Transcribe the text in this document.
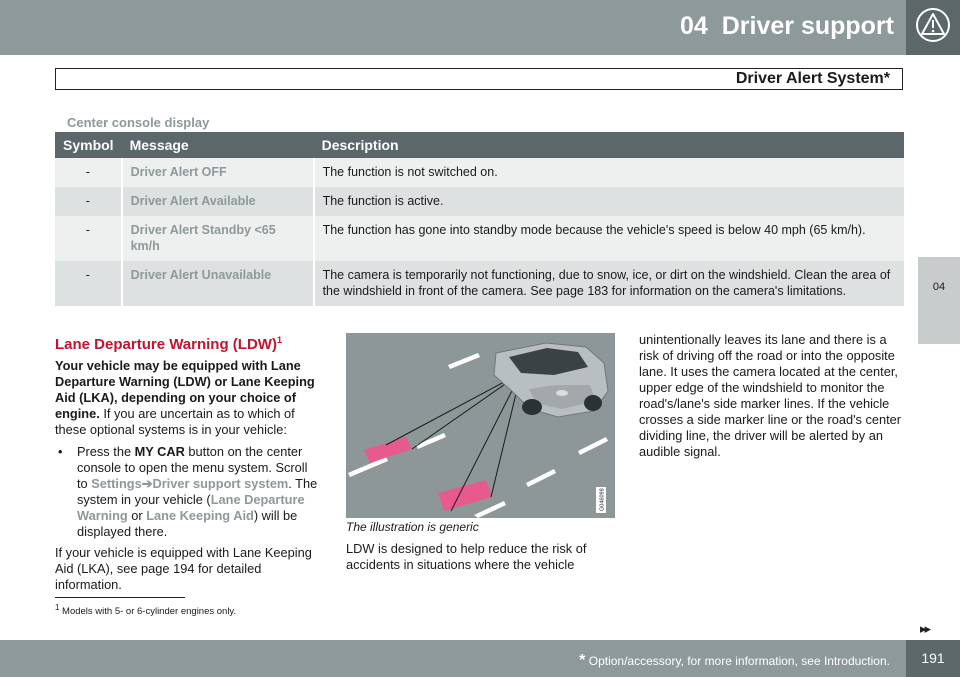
04 Driver support
Driver Alert System*
04
Center console display
Symbol	Message	Description
-	Driver Alert OFF	The function is not switched on.
-	Driver Alert Available	The function is active.
-	Driver Alert Standby <65 km/h	The function has gone into standby mode because the vehicle's speed is below 40 mph (65 km/h).
-	Driver Alert Unavailable	The camera is temporarily not functioning, due to snow, ice, or dirt on the windshield. Clean the area of the windshield in front of the camera. See page 183 for information on the camera's limitations.
Lane Departure Warning (LDW)$^1$
Your vehicle may be equipped with Lane Departure Warning (LDW) or Lane Keeping Aid (LKA), depending on your choice of engine. If you are uncertain as to which of these optional systems is in your vehicle:
• Press the MY CAR button on the center console to open the menu system. Scroll to Settings➔Driver support system. The system in your vehicle (Lane Departure Warning or Lane Keeping Aid) will be displayed there.
If your vehicle is equipped with Lane Keeping Aid (LKA), see page 194 for detailed information.
G046098
The illustration is generic
LDW is designed to help reduce the risk of accidents in situations where the vehicle
unintentionally leaves its lane and there is a risk of driving off the road or into the opposite lane. It uses the camera located at the center, upper edge of the windshield to monitor the road's/lane's side marker lines. If the vehicle crosses a side marker line or the road's center dividing line, the driver will be alerted by an audible signal.
$^1$ Models with 5- or 6-cylinder engines only.
▸▸
* Option/accessory, for more information, see Introduction.	191
